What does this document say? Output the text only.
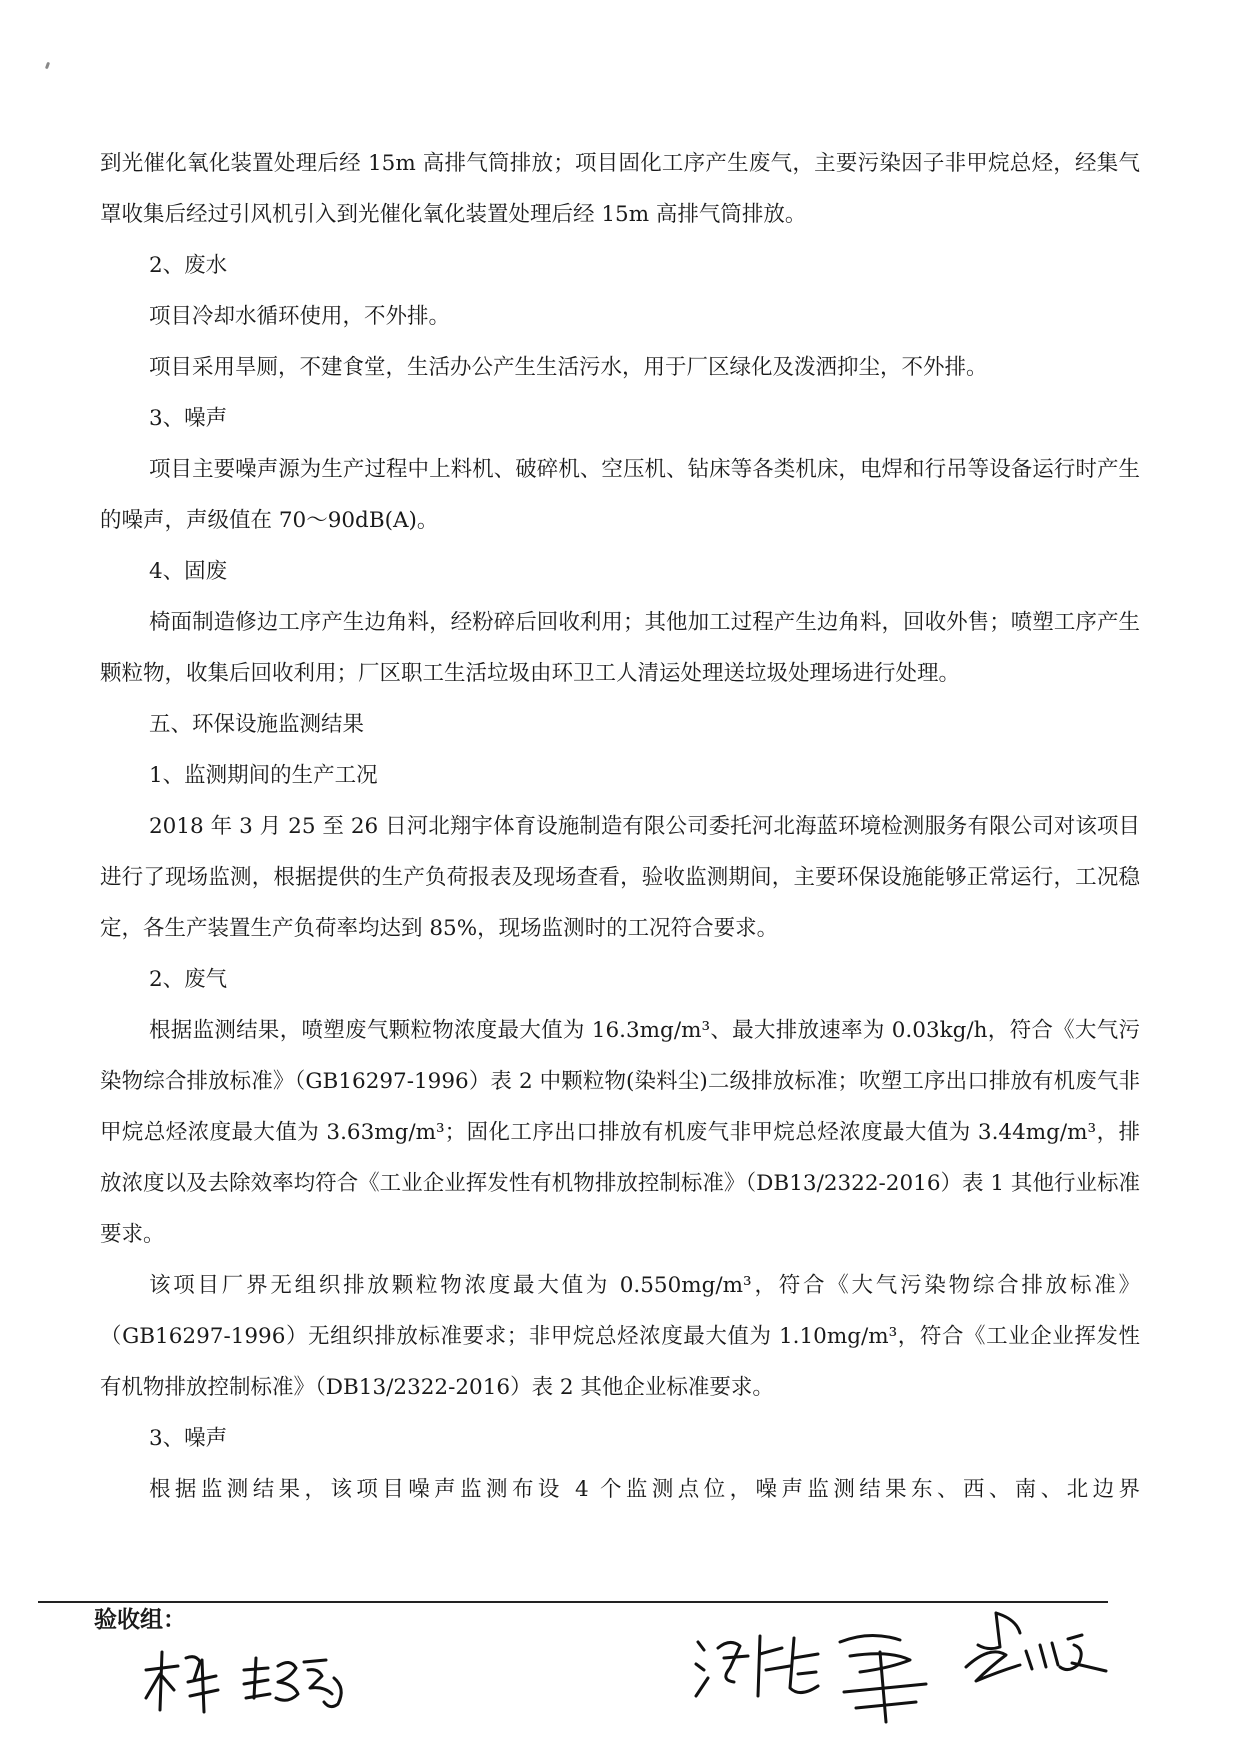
到光催化氧化装置处理后经 15m 高排气筒排放；项目固化工序产生废气，主要污染因子非甲烷总烃，经集气罩收集后经过引风机引入到光催化氧化装置处理后经 15m 高排气筒排放。

2、废水

项目冷却水循环使用，不外排。

项目采用旱厕，不建食堂，生活办公产生生活污水，用于厂区绿化及泼洒抑尘，不外排。

3、噪声

项目主要噪声源为生产过程中上料机、破碎机、空压机、钻床等各类机床，电焊和行吊等设备运行时产生的噪声，声级值在 70～90dB(A)。

4、固废

椅面制造修边工序产生边角料，经粉碎后回收利用；其他加工过程产生边角料，回收外售；喷塑工序产生颗粒物，收集后回收利用；厂区职工生活垃圾由环卫工人清运处理送垃圾处理场进行处理。

五、环保设施监测结果

1、监测期间的生产工况

2018 年 3 月 25 至 26 日河北翔宇体育设施制造有限公司委托河北海蓝环境检测服务有限公司对该项目进行了现场监测，根据提供的生产负荷报表及现场查看，验收监测期间，主要环保设施能够正常运行，工况稳定，各生产装置生产负荷率均达到 85%，现场监测时的工况符合要求。

2、废气

根据监测结果，喷塑废气颗粒物浓度最大值为 16.3mg/m³、最大排放速率为 0.03kg/h，符合《大气污染物综合排放标准》（GB16297-1996）表 2 中颗粒物(染料尘)二级排放标准；吹塑工序出口排放有机废气非甲烷总烃浓度最大值为 3.63mg/m³；固化工序出口排放有机废气非甲烷总烃浓度最大值为 3.44mg/m³，排放浓度以及去除效率均符合《工业企业挥发性有机物排放控制标准》（DB13/2322-2016）表 1 其他行业标准要求。

该项目厂界无组织排放颗粒物浓度最大值为 0.550mg/m³，符合《大气污染物综合排放标准》（GB16297-1996）无组织排放标准要求；非甲烷总烃浓度最大值为 1.10mg/m³，符合《工业企业挥发性有机物排放控制标准》（DB13/2322-2016）表 2 其他企业标准要求。

3、噪声

根据监测结果，该项目噪声监测布设 4 个监测点位，噪声监测结果东、西、南、北边界

验收组：
